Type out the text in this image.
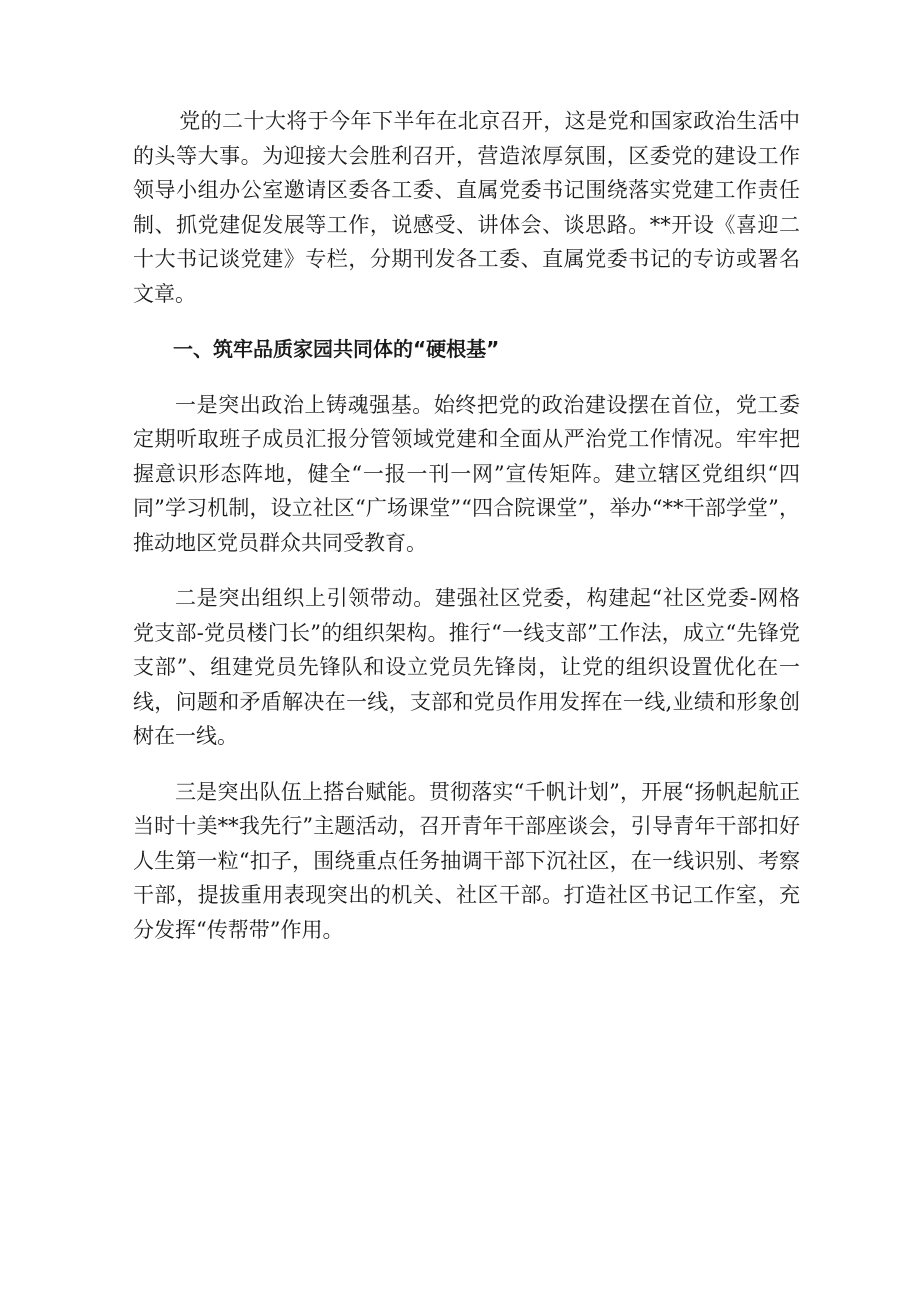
党的二十大将于今年下半年在北京召开，这是党和国家政治生活中的头等大事。为迎接大会胜利召开，营造浓厚氛围，区委党的建设工作领导小组办公室邀请区委各工委、直属党委书记围绕落实党建工作责任制、抓党建促发展等工作，说感受、讲体会、谈思路。**开设《喜迎二十大书记谈党建》专栏，分期刊发各工委、直属党委书记的专访或署名文章。

一、筑牢品质家园共同体的“硬根基”

一是突出政治上铸魂强基。始终把党的政治建设摆在首位，党工委定期听取班子成员汇报分管领域党建和全面从严治党工作情况。牢牢把握意识形态阵地，健全“一报一刊一网”宣传矩阵。建立辖区党组织“四同”学习机制，设立社区“广场课堂”“四合院课堂”，举办“**干部学堂”，推动地区党员群众共同受教育。

二是突出组织上引领带动。建强社区党委，构建起“社区党委-网格党支部-党员楼门长”的组织架构。推行“一线支部”工作法，成立“先锋党支部”、组建党员先锋队和设立党员先锋岗，让党的组织设置优化在一线，问题和矛盾解决在一线，支部和党员作用发挥在一线,业绩和形象创树在一线。

三是突出队伍上搭台赋能。贯彻落实“千帆计划”，开展“扬帆起航正当时十美**我先行”主题活动，召开青年干部座谈会，引导青年干部扣好人生第一粒“扣子，围绕重点任务抽调干部下沉社区，在一线识别、考察干部，提拔重用表现突出的机关、社区干部。打造社区书记工作室，充分发挥“传帮带”作用。
